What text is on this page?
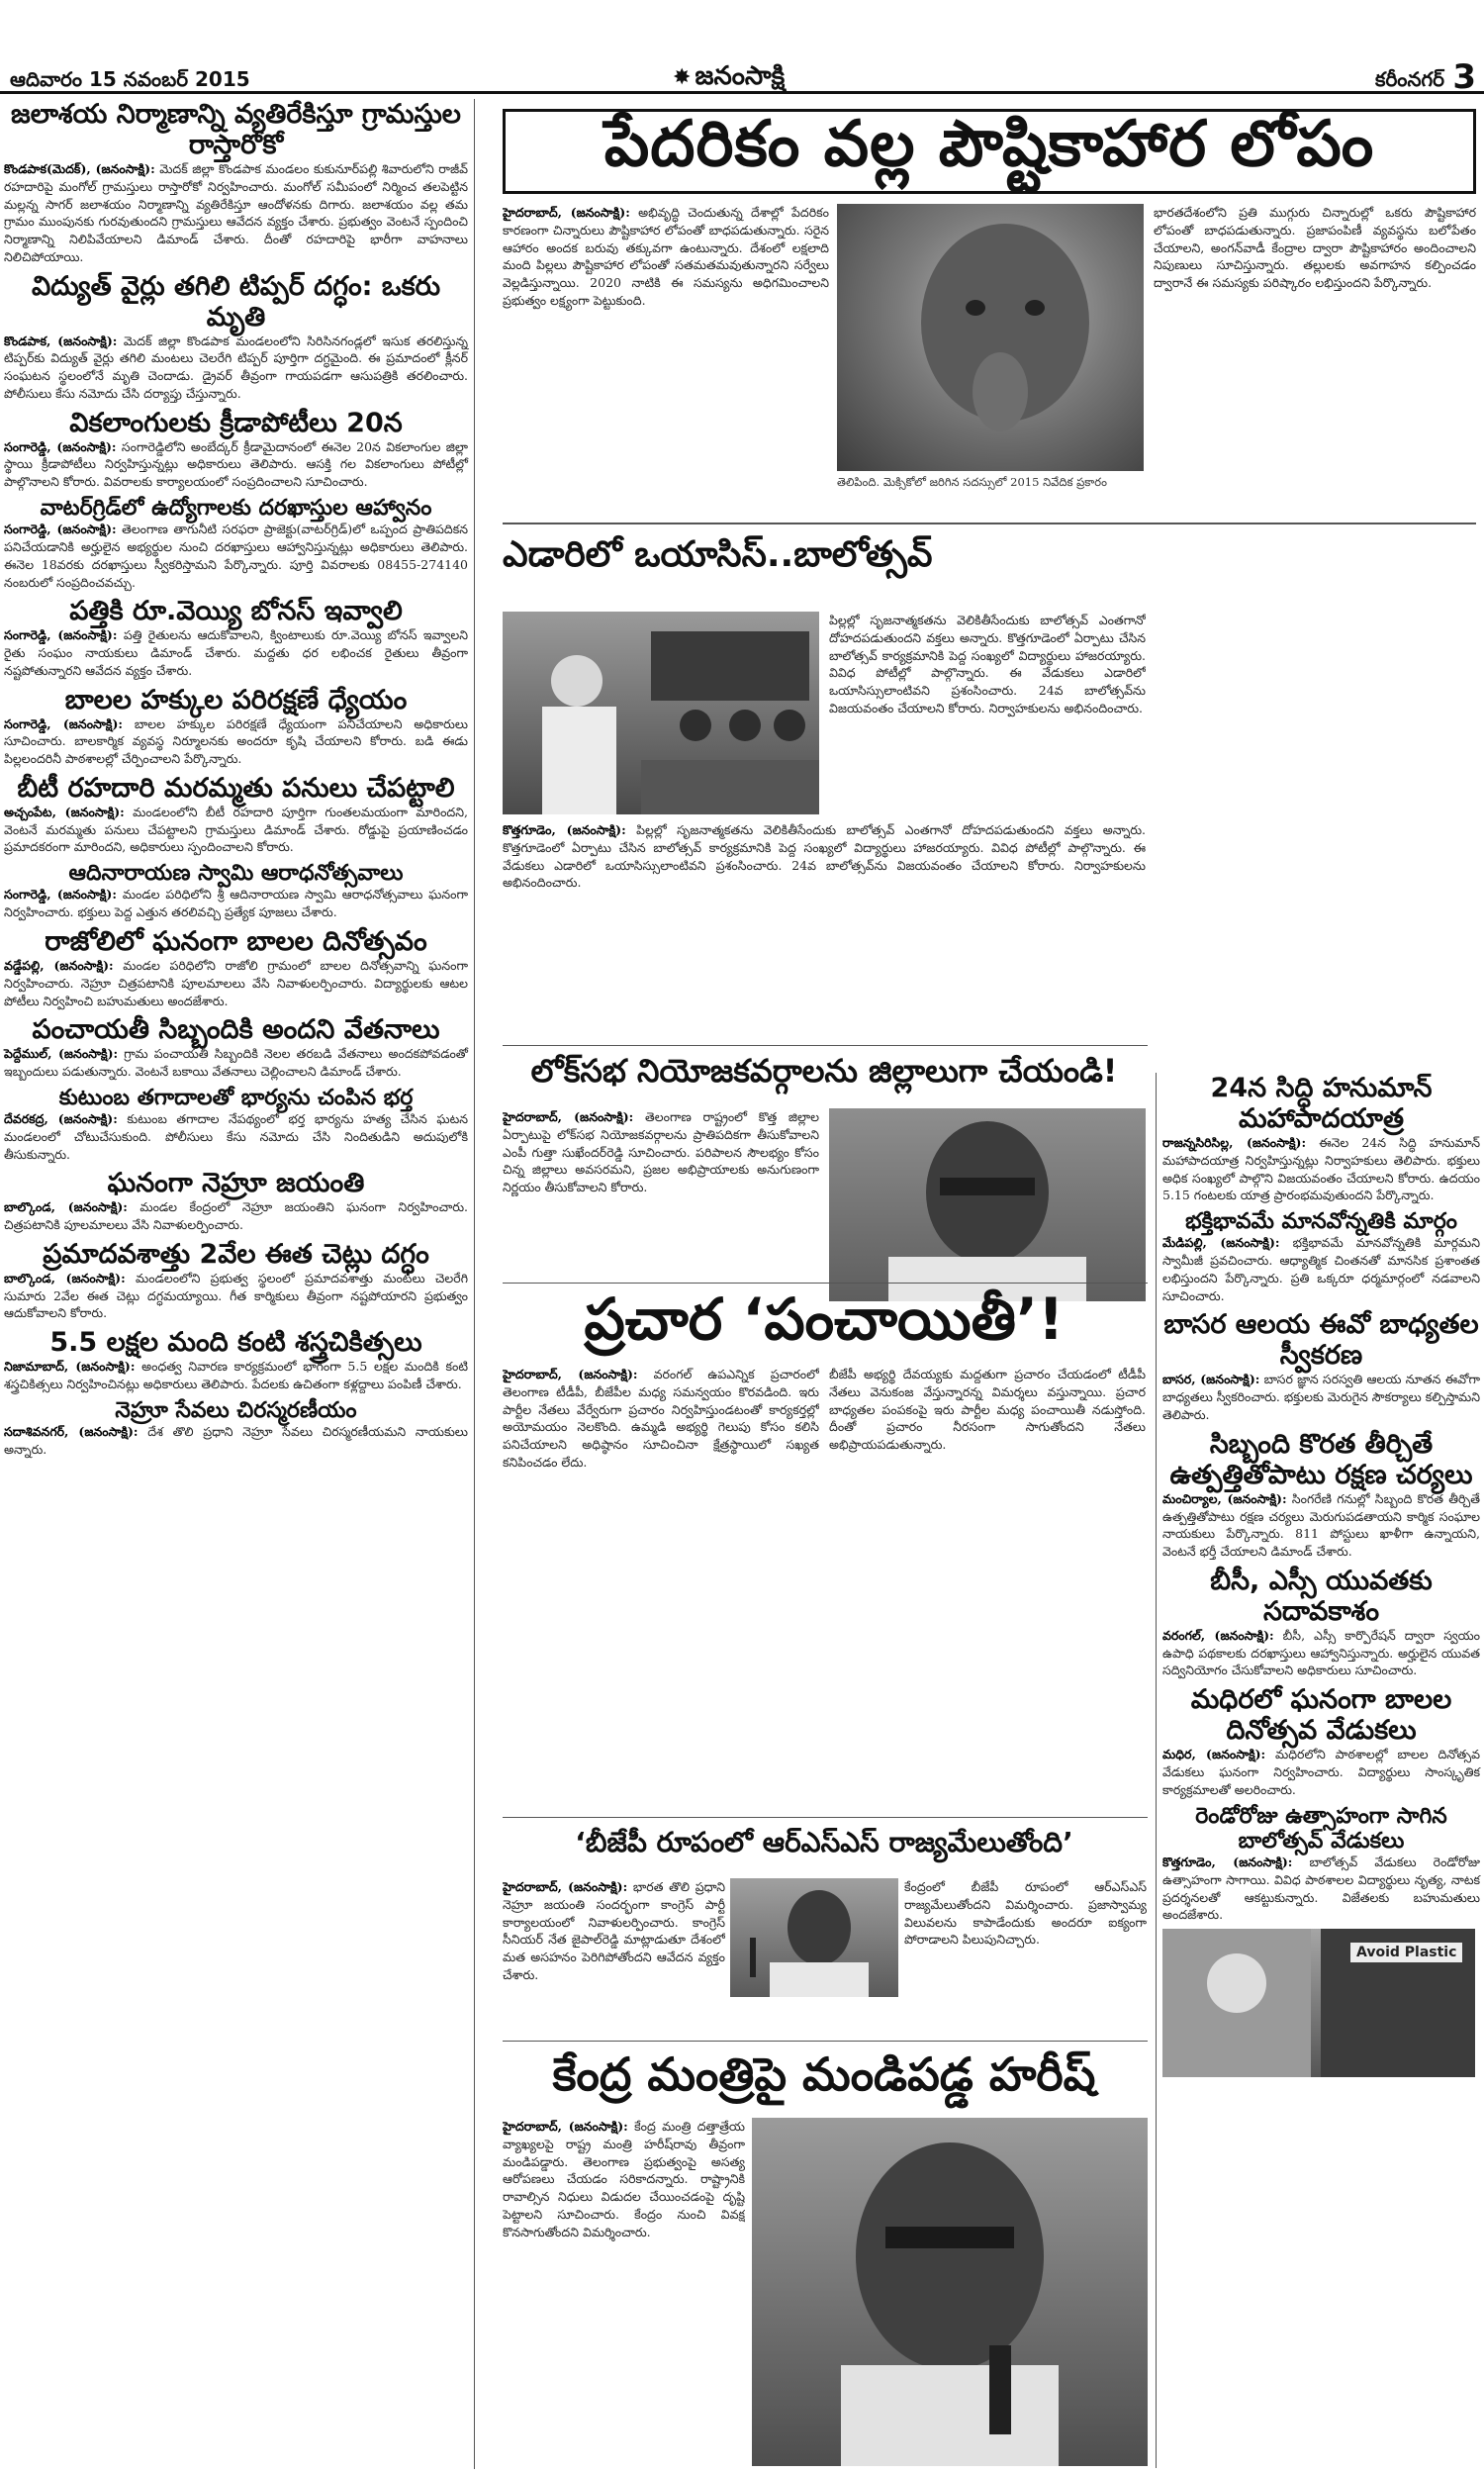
ఆదివారం 15 నవంబర్ 2015	✸ జనంసాక్షి	కరీంనగర్ 3
జలాశయ నిర్మాణాన్ని వ్యతిరేకిస్తూ గ్రామస్తుల రాస్తారోకో
కొండపాక(మెదక్‌), (జనంసాక్షి): మెదక్‌ జిల్లా కొండపాక మండలం కుకునూర్‌పల్లి శివారులోని రాజీవ్‌ రహదారిపై మంగోల్‌ గ్రామస్తులు రాస్తారోకో నిర్వహించారు. మంగోల్‌ సమీపంలో నిర్మించ తలపెట్టిన మల్లన్న సాగర్‌ జలాశయం నిర్మాణాన్ని వ్యతిరేకిస్తూ ఆందోళనకు దిగారు. జలాశయం వల్ల తమ గ్రామం ముంపునకు గురవుతుందని గ్రామస్తులు ఆవేదన వ్యక్తం చేశారు. ప్రభుత్వం వెంటనే స్పందించి నిర్మాణాన్ని నిలిపివేయాలని డిమాండ్‌ చేశారు. దీంతో రహదారిపై భారీగా వాహనాలు నిలిచిపోయాయి.
విద్యుత్‌ వైర్లు తగిలి టిప్పర్‌ దగ్ధం: ఒకరు మృతి
కొండపాక, (జనంసాక్షి): మెదక్‌ జిల్లా కొండపాక మండలంలోని సిరిసినగండ్లలో ఇసుక తరలిస్తున్న టిప్పర్‌కు విద్యుత్‌ వైర్లు తగిలి మంటలు చెలరేగి టిప్పర్‌ పూర్తిగా దగ్ధమైంది. ఈ ప్రమాదంలో క్లీనర్‌ సంఘటన స్థలంలోనే మృతి చెందాడు. డ్రైవర్‌ తీవ్రంగా గాయపడగా ఆసుపత్రికి తరలించారు. పోలీసులు కేసు నమోదు చేసి దర్యాప్తు చేస్తున్నారు.
వికలాంగులకు క్రీడాపోటీలు 20న
సంగారెడ్డి, (జనంసాక్షి): సంగారెడ్డిలోని అంబేద్కర్‌ క్రీడామైదానంలో ఈనెల 20న వికలాంగుల జిల్లా స్థాయి క్రీడాపోటీలు నిర్వహిస్తున్నట్లు అధికారులు తెలిపారు. ఆసక్తి గల వికలాంగులు పోటీల్లో పాల్గొనాలని కోరారు. వివరాలకు కార్యాలయంలో సంప్రదించాలని సూచించారు.
వాటర్‌గ్రిడ్‌లో ఉద్యోగాలకు దరఖాస్తుల ఆహ్వానం
సంగారెడ్డి, (జనంసాక్షి): తెలంగాణ తాగునీటి సరఫరా ప్రాజెక్టు(వాటర్‌గ్రిడ్‌)లో ఒప్పంద ప్రాతిపదికన పనిచేయడానికి అర్హులైన అభ్యర్థుల నుంచి దరఖాస్తులు ఆహ్వానిస్తున్నట్లు అధికారులు తెలిపారు. ఈనెల 18వరకు దరఖాస్తులు స్వీకరిస్తామని పేర్కొన్నారు. పూర్తి వివరాలకు 08455-274140 నంబరులో సంప్రదించవచ్చు.
పత్తికి రూ.వెయ్యి బోనస్‌ ఇవ్వాలి
సంగారెడ్డి, (జనంసాక్షి): పత్తి రైతులను ఆదుకోవాలని, క్వింటాలుకు రూ.వెయ్యి బోనస్‌ ఇవ్వాలని రైతు సంఘం నాయకులు డిమాండ్‌ చేశారు. మద్దతు ధర లభించక రైతులు తీవ్రంగా నష్టపోతున్నారని ఆవేదన వ్యక్తం చేశారు.
బాలల హక్కుల పరిరక్షణే ధ్యేయం
సంగారెడ్డి, (జనంసాక్షి): బాలల హక్కుల పరిరక్షణే ధ్యేయంగా పనిచేయాలని అధికారులు సూచించారు. బాలకార్మిక వ్యవస్థ నిర్మూలనకు అందరూ కృషి చేయాలని కోరారు. బడి ఈడు పిల్లలందరినీ పాఠశాలల్లో చేర్పించాలని పేర్కొన్నారు.
బీటీ రహదారి మరమ్మతు పనులు చేపట్టాలి
అచ్చంపేట, (జనంసాక్షి): మండలంలోని బీటీ రహదారి పూర్తిగా గుంతలమయంగా మారిందని, వెంటనే మరమ్మతు పనులు చేపట్టాలని గ్రామస్తులు డిమాండ్‌ చేశారు. రోడ్డుపై ప్రయాణించడం ప్రమాదకరంగా మారిందని, అధికారులు స్పందించాలని కోరారు.
ఆదినారాయణ స్వామి ఆరాధనోత్సవాలు
సంగారెడ్డి, (జనంసాక్షి): మండల పరిధిలోని శ్రీ ఆదినారాయణ స్వామి ఆరాధనోత్సవాలు ఘనంగా నిర్వహించారు. భక్తులు పెద్ద ఎత్తున తరలివచ్చి ప్రత్యేక పూజలు చేశారు.
రాజోలిలో ఘనంగా బాలల దినోత్సవం
వడ్డేపల్లి, (జనంసాక్షి): మండల పరిధిలోని రాజోలి గ్రామంలో బాలల దినోత్సవాన్ని ఘనంగా నిర్వహించారు. నెహ్రూ చిత్రపటానికి పూలమాలలు వేసి నివాళులర్పించారు. విద్యార్థులకు ఆటల పోటీలు నిర్వహించి బహుమతులు అందజేశారు.
పంచాయతీ సిబ్బందికి అందని వేతనాలు
పెద్దేముల్‌, (జనంసాక్షి): గ్రామ పంచాయతీ సిబ్బందికి నెలల తరబడి వేతనాలు అందకపోవడంతో ఇబ్బందులు పడుతున్నారు. వెంటనే బకాయి వేతనాలు చెల్లించాలని డిమాండ్‌ చేశారు.
కుటుంబ తగాదాలతో భార్యను చంపిన భర్త
దేవరకద్ర, (జనంసాక్షి): కుటుంబ తగాదాల నేపథ్యంలో భర్త భార్యను హత్య చేసిన ఘటన మండలంలో చోటుచేసుకుంది. పోలీసులు కేసు నమోదు చేసి నిందితుడిని అదుపులోకి తీసుకున్నారు.
ఘనంగా నెహ్రూ జయంతి
బాల్కొండ, (జనంసాక్షి): మండల కేంద్రంలో నెహ్రూ జయంతిని ఘనంగా నిర్వహించారు. చిత్రపటానికి పూలమాలలు వేసి నివాళులర్పించారు.
ప్రమాదవశాత్తు 2వేల ఈత చెట్లు దగ్ధం
బాల్కొండ, (జనంసాక్షి): మండలంలోని ప్రభుత్వ స్థలంలో ప్రమాదవశాత్తు మంటలు చెలరేగి సుమారు 2వేల ఈత చెట్లు దగ్ధమయ్యాయి. గీత కార్మికులు తీవ్రంగా నష్టపోయారని ప్రభుత్వం ఆదుకోవాలని కోరారు.
5.5 లక్షల మంది కంటి శస్త్రచికిత్సలు
నిజామాబాద్‌, (జనంసాక్షి): అంధత్వ నివారణ కార్యక్రమంలో భాగంగా 5.5 లక్షల మందికి కంటి శస్త్రచికిత్సలు నిర్వహించినట్లు అధికారులు తెలిపారు. పేదలకు ఉచితంగా కళ్లద్దాలు పంపిణీ చేశారు.
నెహ్రూ సేవలు చిరస్మరణీయం
సదాశివనగర్‌, (జనంసాక్షి): దేశ తొలి ప్రధాని నెహ్రూ సేవలు చిరస్మరణీయమని నాయకులు అన్నారు.
పేదరికం వల్ల పౌష్టికాహార లోపం
హైదరాబాద్‌, (జనంసాక్షి): అభివృద్ధి చెందుతున్న దేశాల్లో పేదరికం కారణంగా చిన్నారులు పౌష్టికాహార లోపంతో బాధపడుతున్నారు. సరైన ఆహారం అందక బరువు తక్కువగా ఉంటున్నారు. దేశంలో లక్షలాది మంది పిల్లలు పౌష్టికాహార లోపంతో సతమతమవుతున్నారని సర్వేలు వెల్లడిస్తున్నాయి. 2020 నాటికి ఈ సమస్యను అధిగమించాలని ప్రభుత్వం లక్ష్యంగా పెట్టుకుంది.
తెలిపింది. మెక్సికోలో జరిగిన సదస్సులో 2015 నివేదిక ప్రకారం
భారతదేశంలోని ప్రతి ముగ్గురు చిన్నారుల్లో ఒకరు పౌష్టికాహార లోపంతో బాధపడుతున్నారు. ప్రజాపంపిణీ వ్యవస్థను బలోపేతం చేయాలని, అంగన్‌వాడీ కేంద్రాల ద్వారా పౌష్టికాహారం అందించాలని నిపుణులు సూచిస్తున్నారు. తల్లులకు అవగాహన కల్పించడం ద్వారానే ఈ సమస్యకు పరిష్కారం లభిస్తుందని పేర్కొన్నారు.
ఎడారిలో ఒయాసిస్‌..బాలోత్సవ్‌
పిల్లల్లో సృజనాత్మకతను వెలికితీసేందుకు బాలోత్సవ్‌ ఎంతగానో దోహదపడుతుందని వక్తలు అన్నారు. కొత్తగూడెంలో ఏర్పాటు చేసిన బాలోత్సవ్‌ కార్యక్రమానికి పెద్ద సంఖ్యలో విద్యార్థులు హాజరయ్యారు. వివిధ పోటీల్లో పాల్గొన్నారు. ఈ వేడుకలు ఎడారిలో ఒయాసిస్సులాంటివని ప్రశంసించారు. 24వ బాలోత్సవ్‌ను విజయవంతం చేయాలని కోరారు. నిర్వాహకులను అభినందించారు.
కొత్తగూడెం, (జనంసాక్షి): పిల్లల్లో సృజనాత్మకతను వెలికితీసేందుకు బాలోత్సవ్‌ ఎంతగానో దోహదపడుతుందని వక్తలు అన్నారు. కొత్తగూడెంలో ఏర్పాటు చేసిన బాలోత్సవ్‌ కార్యక్రమానికి పెద్ద సంఖ్యలో విద్యార్థులు హాజరయ్యారు. వివిధ పోటీల్లో పాల్గొన్నారు. ఈ వేడుకలు ఎడారిలో ఒయాసిస్సులాంటివని ప్రశంసించారు. 24వ బాలోత్సవ్‌ను విజయవంతం చేయాలని కోరారు. నిర్వాహకులను అభినందించారు.
లోక్‌సభ నియోజకవర్గాలను జిల్లాలుగా చేయండి!
హైదరాబాద్‌, (జనంసాక్షి): తెలంగాణ రాష్ట్రంలో కొత్త జిల్లాల ఏర్పాటుపై లోక్‌సభ నియోజకవర్గాలను ప్రాతిపదికగా తీసుకోవాలని ఎంపీ గుత్తా సుఖేందర్‌రెడ్డి సూచించారు. పరిపాలన సౌలభ్యం కోసం చిన్న జిల్లాలు అవసరమని, ప్రజల అభిప్రాయాలకు అనుగుణంగా నిర్ణయం తీసుకోవాలని కోరారు.
ప్రచార ‘పంచాయితీ’!
హైదరాబాద్‌, (జనంసాక్షి): వరంగల్‌ ఉపఎన్నిక ప్రచారంలో తెలంగాణ టీడీపీ, బీజేపీల మధ్య సమన్వయం కొరవడింది. ఇరు పార్టీల నేతలు వేర్వేరుగా ప్రచారం నిర్వహిస్తుండటంతో కార్యకర్తల్లో అయోమయం నెలకొంది. ఉమ్మడి అభ్యర్థి గెలుపు కోసం కలిసి పనిచేయాలని అధిష్ఠానం సూచించినా క్షేత్రస్థాయిలో సఖ్యత కనిపించడం లేదు.
బీజేపీ అభ్యర్థి దేవయ్యకు మద్దతుగా ప్రచారం చేయడంలో టీడీపీ నేతలు వెనుకంజ వేస్తున్నారన్న విమర్శలు వస్తున్నాయి. ప్రచార బాధ్యతల పంపకంపై ఇరు పార్టీల మధ్య పంచాయితీ నడుస్తోంది. దీంతో ప్రచారం నీరసంగా సాగుతోందని నేతలు అభిప్రాయపడుతున్నారు.
‘బీజేపీ రూపంలో ఆర్‌ఎస్‌ఎస్‌ రాజ్యమేలుతోంది’
హైదరాబాద్‌, (జనంసాక్షి): భారత తొలి ప్రధాని నెహ్రూ జయంతి సందర్భంగా కాంగ్రెస్‌ పార్టీ కార్యాలయంలో నివాళులర్పించారు. కాంగ్రెస్‌ సీనియర్‌ నేత జైపాల్‌రెడ్డి మాట్లాడుతూ దేశంలో మత అసహనం పెరిగిపోతోందని ఆవేదన వ్యక్తం చేశారు.
కేంద్రంలో బీజేపీ రూపంలో ఆర్‌ఎస్‌ఎస్‌ రాజ్యమేలుతోందని విమర్శించారు. ప్రజాస్వామ్య విలువలను కాపాడేందుకు అందరూ ఐక్యంగా పోరాడాలని పిలుపునిచ్చారు.
కేంద్ర మంత్రిపై మండిపడ్డ హరీష్‌
హైదరాబాద్‌, (జనంసాక్షి): కేంద్ర మంత్రి దత్తాత్రేయ వ్యాఖ్యలపై రాష్ట్ర మంత్రి హరీష్‌రావు తీవ్రంగా మండిపడ్డారు. తెలంగాణ ప్రభుత్వంపై అసత్య ఆరోపణలు చేయడం సరికాదన్నారు. రాష్ట్రానికి రావాల్సిన నిధులు విడుదల చేయించడంపై దృష్టి పెట్టాలని సూచించారు. కేంద్రం నుంచి వివక్ష కొనసాగుతోందని విమర్శించారు.
24న సిద్ధి హనుమాన్‌ మహాపాదయాత్ర
రాజన్నసిరిసిల్ల, (జనంసాక్షి): ఈనెల 24న సిద్ధి హనుమాన్‌ మహాపాదయాత్ర నిర్వహిస్తున్నట్లు నిర్వాహకులు తెలిపారు. భక్తులు అధిక సంఖ్యలో పాల్గొని విజయవంతం చేయాలని కోరారు. ఉదయం 5.15 గంటలకు యాత్ర ప్రారంభమవుతుందని పేర్కొన్నారు.
భక్తిభావమే మానవోన్నతికి మార్గం
మేడిపల్లి, (జనంసాక్షి): భక్తిభావమే మానవోన్నతికి మార్గమని స్వామీజీ ప్రవచించారు. ఆధ్యాత్మిక చింతనతో మానసిక ప్రశాంతత లభిస్తుందని పేర్కొన్నారు. ప్రతి ఒక్కరూ ధర్మమార్గంలో నడవాలని సూచించారు.
బాసర ఆలయ ఈవో బాధ్యతల స్వీకరణ
బాసర, (జనంసాక్షి): బాసర జ్ఞాన సరస్వతి ఆలయ నూతన ఈవోగా బాధ్యతలు స్వీకరించారు. భక్తులకు మెరుగైన సౌకర్యాలు కల్పిస్తామని తెలిపారు.
సిబ్బంది కొరత తీర్చితే ఉత్పత్తితోపాటు రక్షణ చర్యలు
మంచిర్యాల, (జనంసాక్షి): సింగరేణి గనుల్లో సిబ్బంది కొరత తీర్చితే ఉత్పత్తితోపాటు రక్షణ చర్యలు మెరుగుపడతాయని కార్మిక సంఘాల నాయకులు పేర్కొన్నారు. 811 పోస్టులు ఖాళీగా ఉన్నాయని, వెంటనే భర్తీ చేయాలని డిమాండ్‌ చేశారు.
బీసీ, ఎస్సీ యువతకు సదావకాశం
వరంగల్‌, (జనంసాక్షి): బీసీ, ఎస్సీ కార్పొరేషన్‌ ద్వారా స్వయం ఉపాధి పథకాలకు దరఖాస్తులు ఆహ్వానిస్తున్నారు. అర్హులైన యువత సద్వినియోగం చేసుకోవాలని అధికారులు సూచించారు.
మధిరలో ఘనంగా బాలల దినోత్సవ వేడుకలు
మధిర, (జనంసాక్షి): మధిరలోని పాఠశాలల్లో బాలల దినోత్సవ వేడుకలు ఘనంగా నిర్వహించారు. విద్యార్థులు సాంస్కృతిక కార్యక్రమాలతో అలరించారు.
రెండోరోజు ఉత్సాహంగా సాగిన బాలోత్సవ్‌ వేడుకలు
కొత్తగూడెం, (జనంసాక్షి): బాలోత్సవ్‌ వేడుకలు రెండోరోజు ఉత్సాహంగా సాగాయి. వివిధ పాఠశాలల విద్యార్థులు నృత్య, నాటక ప్రదర్శనలతో ఆకట్టుకున్నారు. విజేతలకు బహుమతులు అందజేశారు.
Avoid Plastic
